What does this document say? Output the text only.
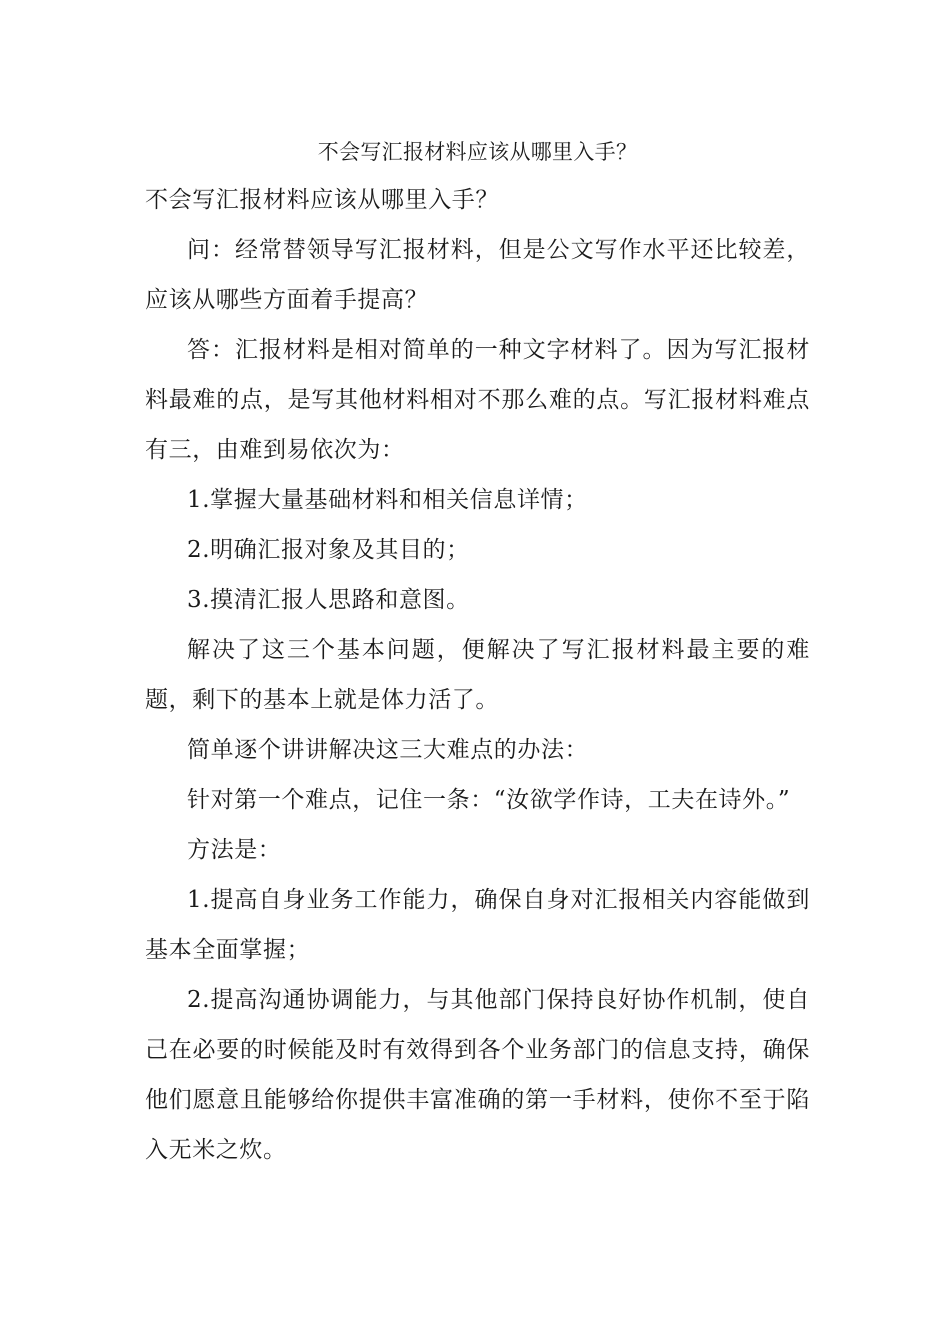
不会写汇报材料应该从哪里入手？

不会写汇报材料应该从哪里入手？

问：经常替领导写汇报材料，但是公文写作水平还比较差，应该从哪些方面着手提高？

答：汇报材料是相对简单的一种文字材料了。因为写汇报材料最难的点，是写其他材料相对不那么难的点。写汇报材料难点有三，由难到易依次为：

1.掌握大量基础材料和相关信息详情；

2.明确汇报对象及其目的；

3.摸清汇报人思路和意图。

解决了这三个基本问题，便解决了写汇报材料最主要的难题，剩下的基本上就是体力活了。

简单逐个讲讲解决这三大难点的办法：

针对第一个难点，记住一条：“汝欲学作诗，工夫在诗外。”

方法是：

1.提高自身业务工作能力，确保自身对汇报相关内容能做到基本全面掌握；

2.提高沟通协调能力，与其他部门保持良好协作机制，使自己在必要的时候能及时有效得到各个业务部门的信息支持，确保他们愿意且能够给你提供丰富准确的第一手材料，使你不至于陷入无米之炊。
